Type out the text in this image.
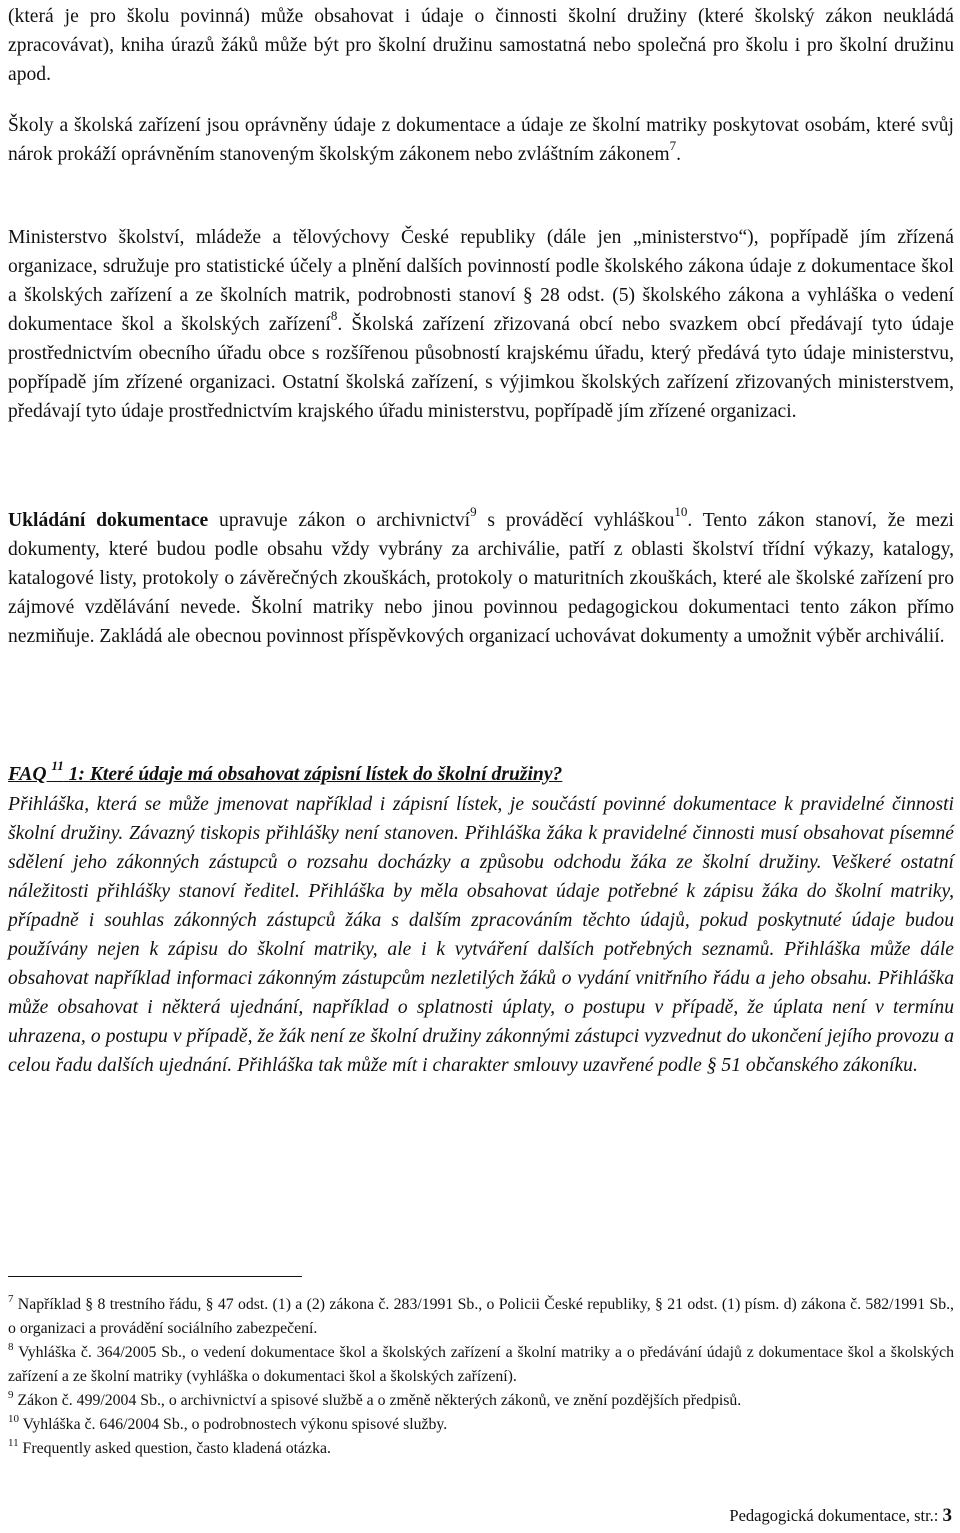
(která je pro školu povinná) může obsahovat i údaje o činnosti školní družiny (které školský zákon neukládá zpracovávat), kniha úrazů žáků může být pro školní družinu samostatná nebo společná pro školu i pro školní družinu apod.

Školy a školská zařízení jsou oprávněny údaje z dokumentace a údaje ze školní matriky poskytovat osobám, které svůj nárok prokáží oprávněním stanoveným školským zákonem nebo zvláštním zákonem$^7$.

Ministerstvo školství, mládeže a tělovýchovy České republiky (dále jen „ministerstvo“), popřípadě jím zřízená organizace, sdružuje pro statistické účely a plnění dalších povinností podle školského zákona údaje z dokumentace škol a školských zařízení a ze školních matrik, podrobnosti stanoví § 28 odst. (5) školského zákona a vyhláška o vedení dokumentace škol a školských zařízení$^8$. Školská zařízení zřizovaná obcí nebo svazkem obcí předávají tyto údaje prostřednictvím obecního úřadu obce s rozšířenou působností krajskému úřadu, který předává tyto údaje ministerstvu, popřípadě jím zřízené organizaci. Ostatní školská zařízení, s výjimkou školských zařízení zřizovaných ministerstvem, předávají tyto údaje prostřednictvím krajského úřadu ministerstvu, popřípadě jím zřízené organizaci.

Ukládání dokumentace upravuje zákon o archivnictví$^9$ s prováděcí vyhláškou$^{10}$. Tento zákon stanoví, že mezi dokumenty, které budou podle obsahu vždy vybrány za archiválie, patří z oblasti školství třídní výkazy, katalogy, katalogové listy, protokoly o závěrečných zkouškách, protokoly o maturitních zkouškách, které ale školské zařízení pro zájmové vzdělávání nevede. Školní matriky nebo jinou povinnou pedagogickou dokumentaci tento zákon přímo nezmiňuje. Zakládá ale obecnou povinnost příspěvkových organizací uchovávat dokumenty a umožnit výběr archiválií.

FAQ $^{11}$ 1: Které údaje má obsahovat zápisní lístek do školní družiny?

Přihláška, která se může jmenovat například i zápisní lístek, je součástí povinné dokumentace k pravidelné činnosti školní družiny. Závazný tiskopis přihlášky není stanoven. Přihláška žáka k pravidelné činnosti musí obsahovat písemné sdělení jeho zákonných zástupců o rozsahu docházky a způsobu odchodu žáka ze školní družiny. Veškeré ostatní náležitosti přihlášky stanoví ředitel. Přihláška by měla obsahovat údaje potřebné k zápisu žáka do školní matriky, případně i souhlas zákonných zástupců žáka s dalším zpracováním těchto údajů, pokud poskytnuté údaje budou používány nejen k zápisu do školní matriky, ale i k vytváření dalších potřebných seznamů. Přihláška může dále obsahovat například informaci zákonným zástupcům nezletilých žáků o vydání vnitřního řádu a jeho obsahu. Přihláška může obsahovat i některá ujednání, například o splatnosti úplaty, o postupu v případě, že úplata není v termínu uhrazena, o postupu v případě, že žák není ze školní družiny zákonnými zástupci vyzvednut do ukončení jejího provozu a celou řadu dalších ujednání. Přihláška tak může mít i charakter smlouvy uzavřené podle § 51 občanského zákoníku.

$^7$ Například § 8 trestního řádu, § 47 odst. (1) a (2) zákona č. 283/1991 Sb., o Policii České republiky, § 21 odst. (1) písm. d) zákona č. 582/1991 Sb., o organizaci a provádění sociálního zabezpečení.
$^8$ Vyhláška č. 364/2005 Sb., o vedení dokumentace škol a školských zařízení a školní matriky a o předávání údajů z dokumentace škol a školských zařízení a ze školní matriky (vyhláška o dokumentaci škol a školských zařízení).
$^9$ Zákon č. 499/2004 Sb., o archivnictví a spisové službě a o změně některých zákonů, ve znění pozdějších předpisů.
$^{10}$ Vyhláška č. 646/2004 Sb., o podrobnostech výkonu spisové služby.
$^{11}$ Frequently asked question, často kladená otázka.
Pedagogická dokumentace, str.: 3
